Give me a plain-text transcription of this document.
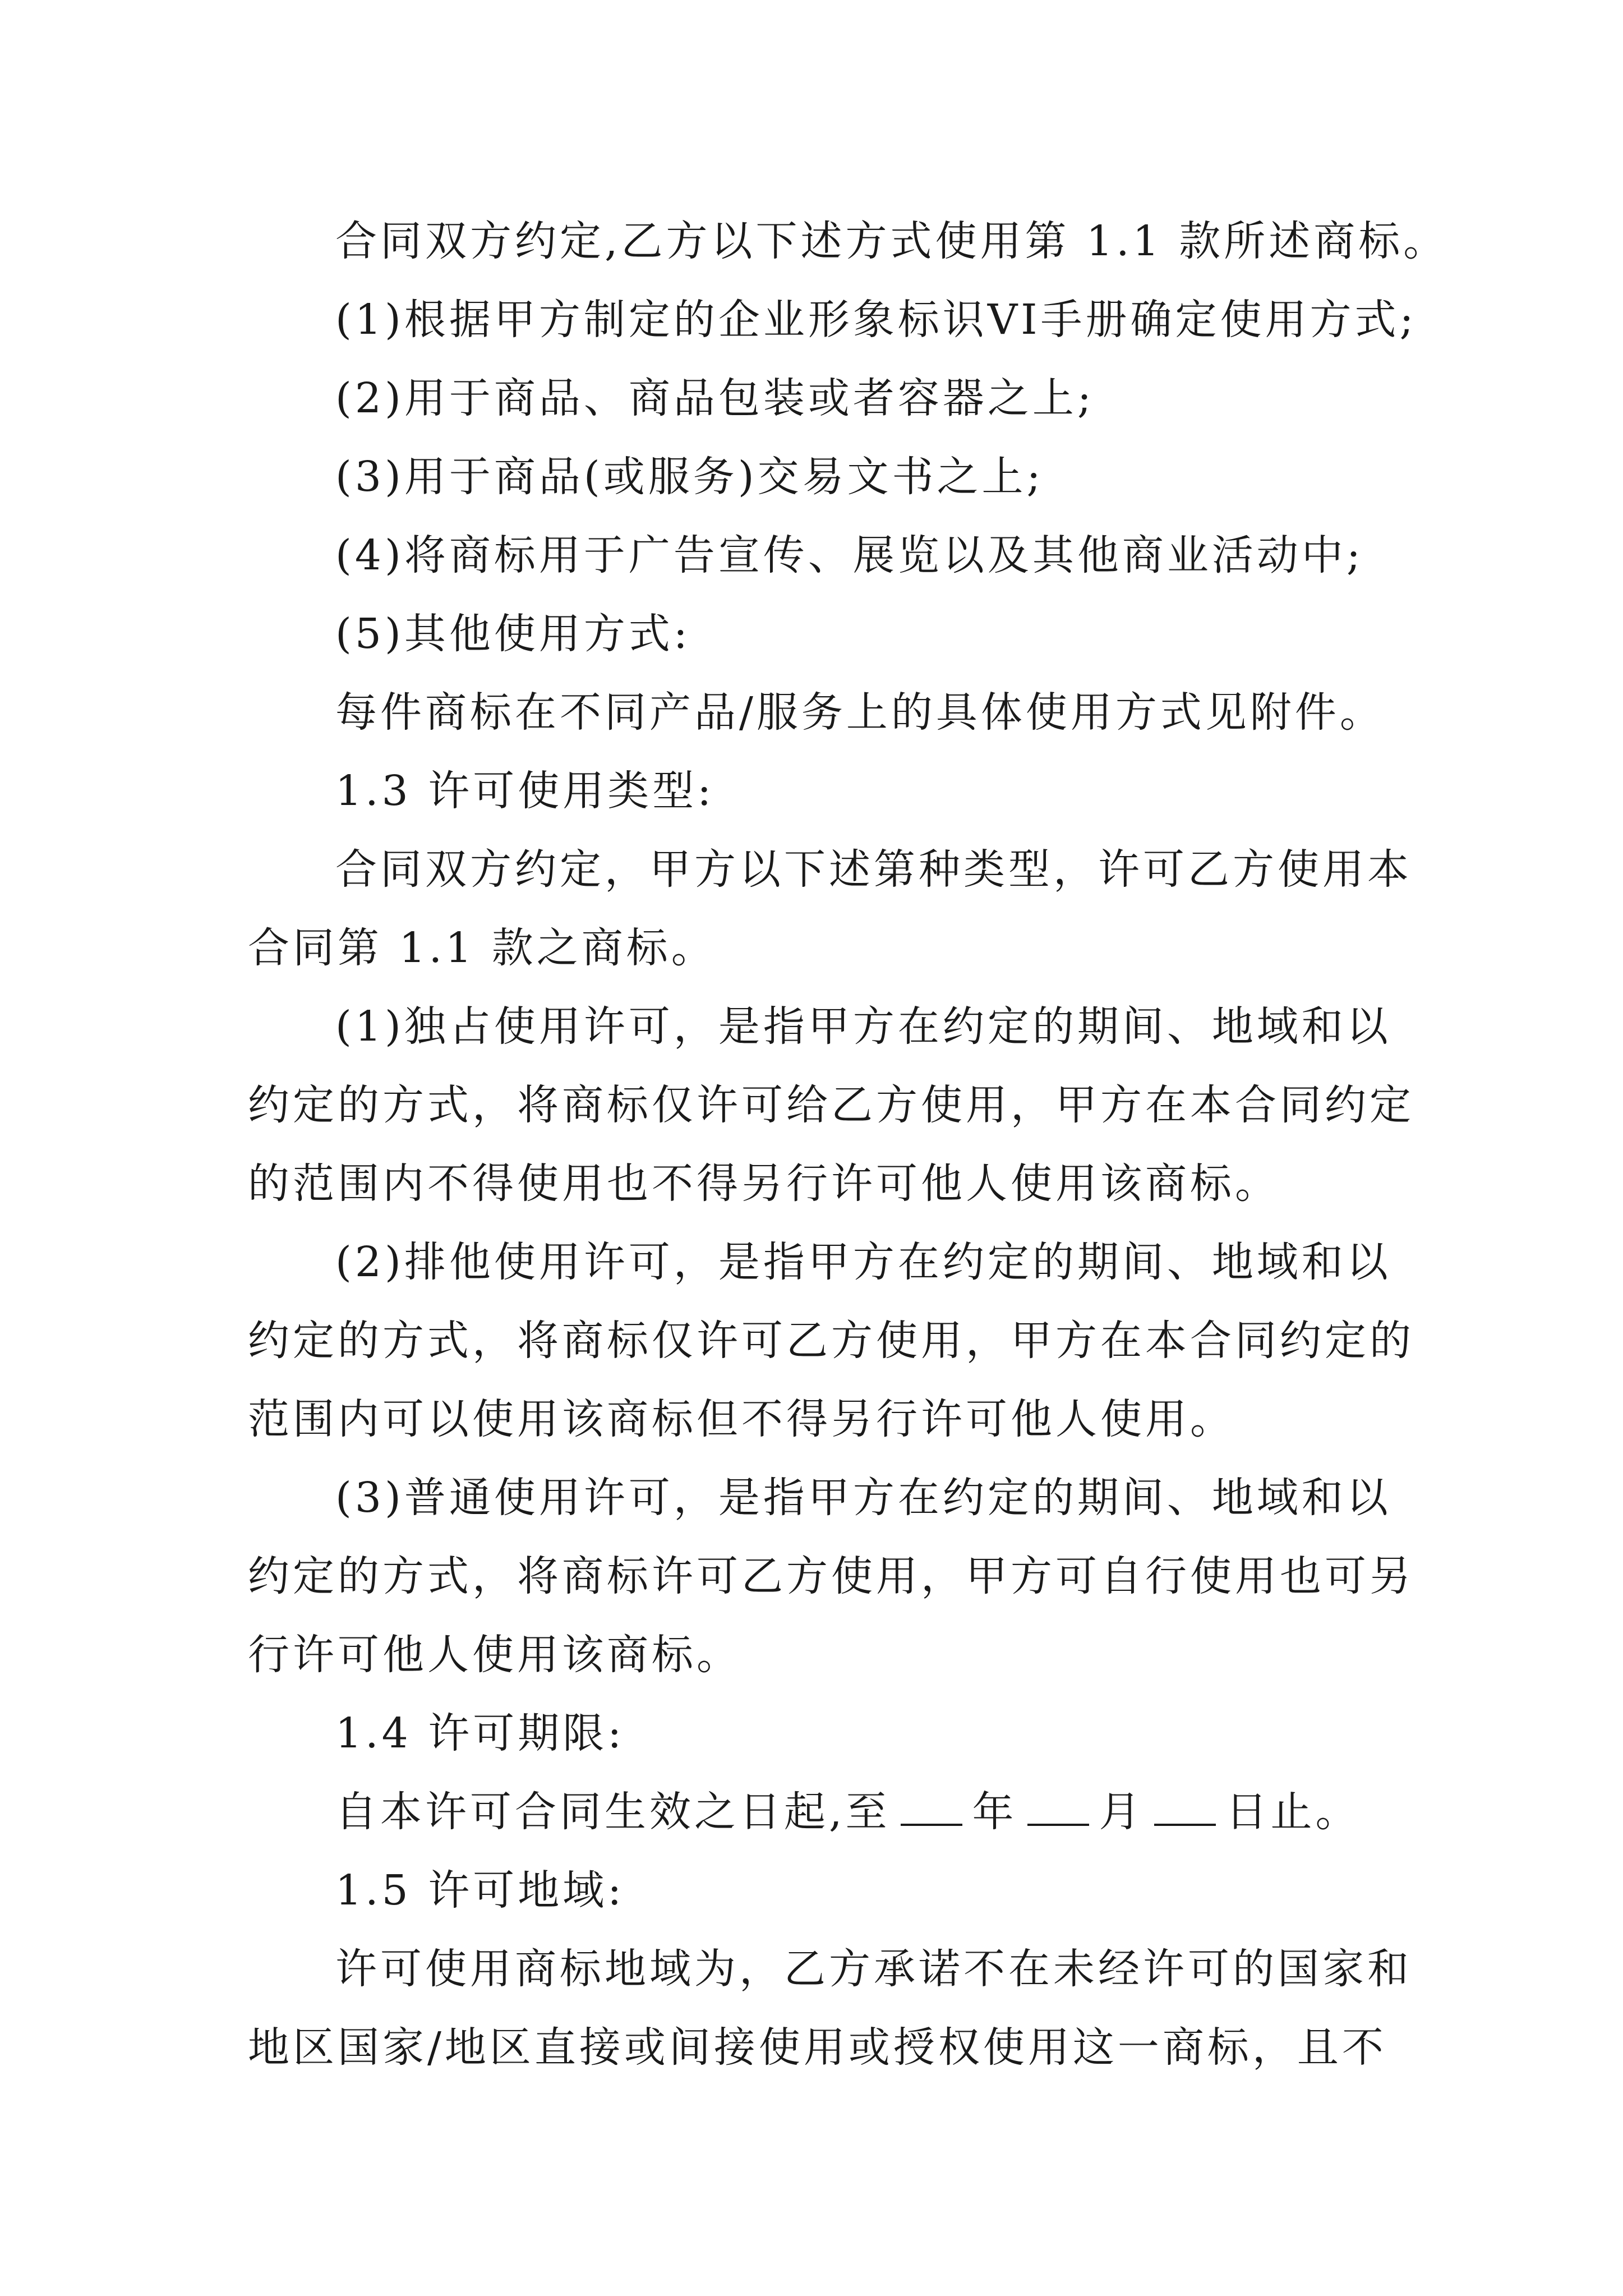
合同双方约定,乙方以下述方式使用第 1.1 款所述商标。
(1)根据甲方制定的企业形象标识VI手册确定使用方式;
(2)用于商品、商品包装或者容器之上;
(3)用于商品(或服务)交易文书之上;
(4)将商标用于广告宣传、展览以及其他商业活动中;
(5)其他使用方式:
每件商标在不同产品/服务上的具体使用方式见附件。
1.3 许可使用类型:
合同双方约定，甲方以下述第种类型，许可乙方使用本
合同第 1.1 款之商标。
(1)独占使用许可，是指甲方在约定的期间、地域和以
约定的方式，将商标仅许可给乙方使用，甲方在本合同约定
的范围内不得使用也不得另行许可他人使用该商标。
(2)排他使用许可，是指甲方在约定的期间、地域和以
约定的方式，将商标仅许可乙方使用，甲方在本合同约定的
范围内可以使用该商标但不得另行许可他人使用。
(3)普通使用许可，是指甲方在约定的期间、地域和以
约定的方式，将商标许可乙方使用，甲方可自行使用也可另
行许可他人使用该商标。
1.4 许可期限:
自本许可合同生效之日起,至 年 月 日止。
1.5 许可地域:
许可使用商标地域为，乙方承诺不在未经许可的国家和
地区国家/地区直接或间接使用或授权使用这一商标，且不
